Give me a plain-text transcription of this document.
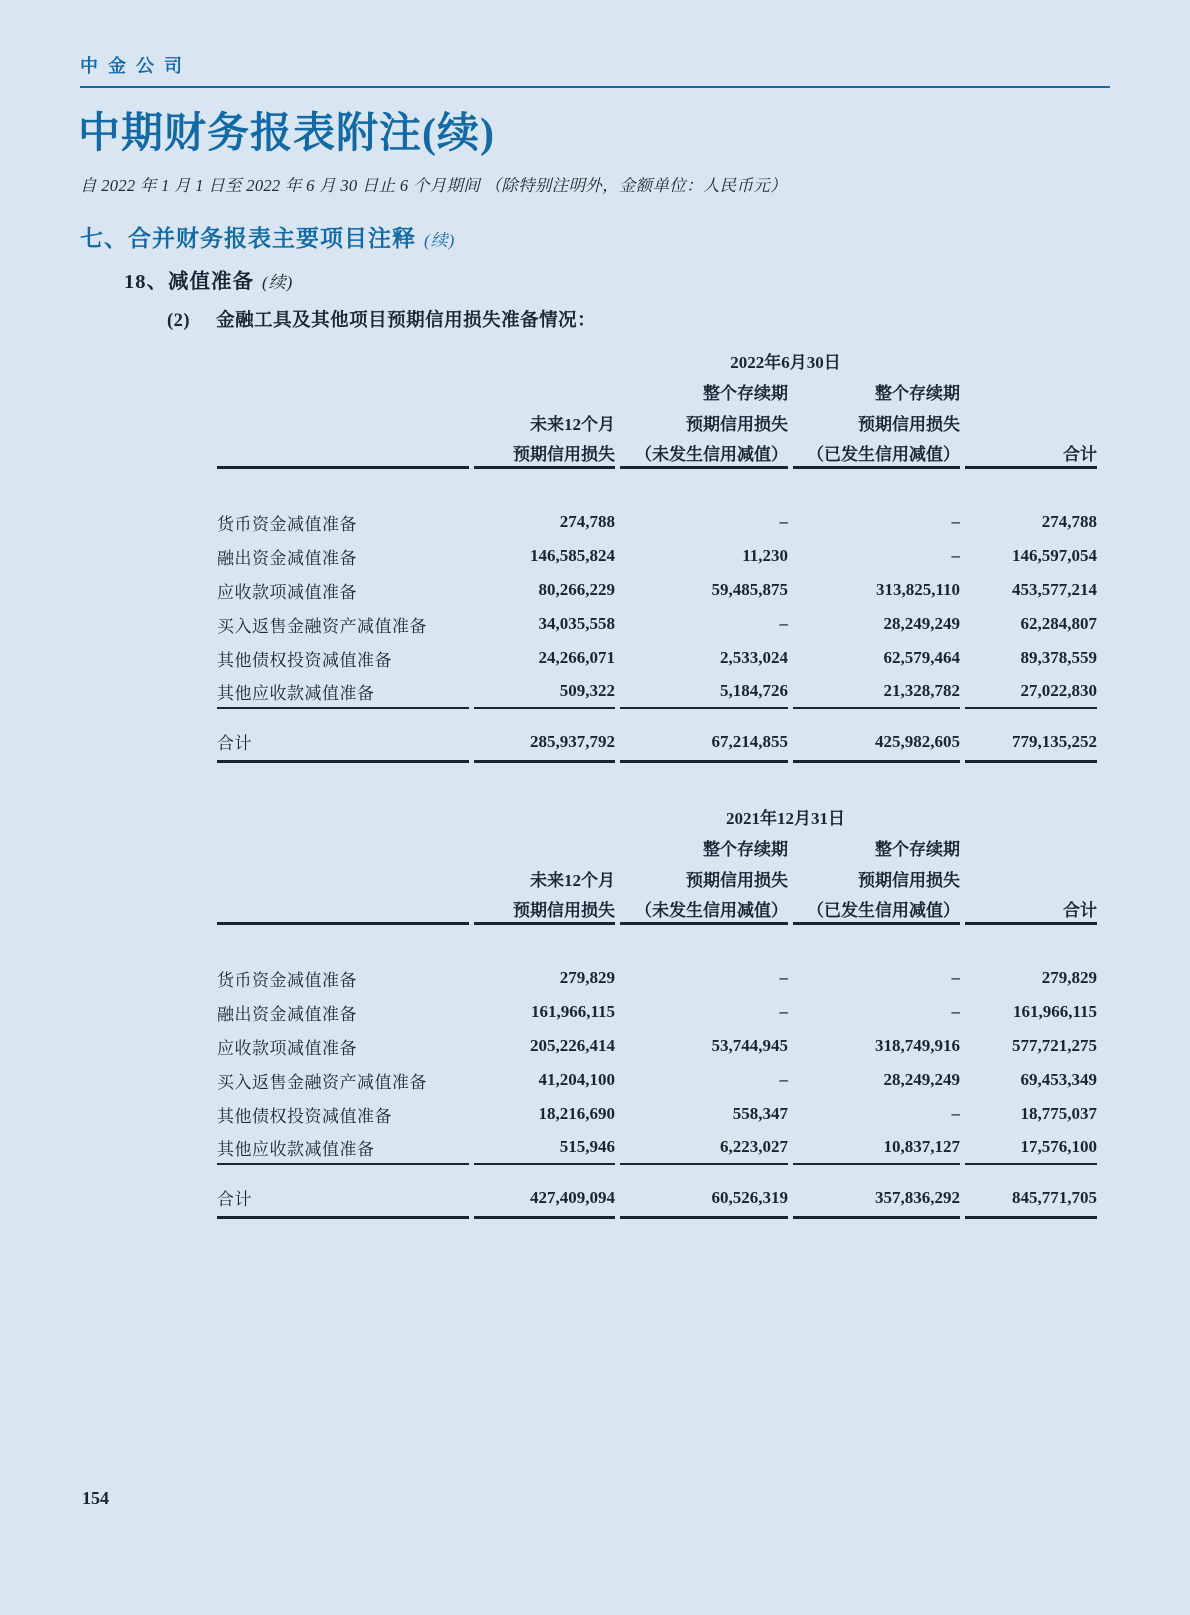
中金公司
中期财务报表附注(续)

自 2022 年 1 月 1 日至 2022 年 6 月 30 日止 6 个月期间 （除特别注明外，金额单位：人民币元）

七、合并财务报表主要项目注释 (续)
18、减值准备 (续)
(2) 金融工具及其他项目预期信用损失准备情况：
	2022年6月30日			
		整个存续期	整个存续期	
	未来12个月	预期信用损失	预期信用损失	
	预期信用损失	（未发生信用减值）	（已发生信用减值）	合计

货币资金减值准备	274,788	–	–	274,788
融出资金减值准备	146,585,824	11,230	–	146,597,054
应收款项减值准备	80,266,229	59,485,875	313,825,110	453,577,214
买入返售金融资产减值准备	34,035,558	–	28,249,249	62,284,807
其他债权投资减值准备	24,266,071	2,533,024	62,579,464	89,378,559
其他应收款减值准备	509,322	5,184,726	21,328,782	27,022,830

合计	285,937,792	67,214,855	425,982,605	779,135,252
	2021年12月31日			
		整个存续期	整个存续期	
	未来12个月	预期信用损失	预期信用损失	
	预期信用损失	（未发生信用减值）	（已发生信用减值）	合计

货币资金减值准备	279,829	–	–	279,829
融出资金减值准备	161,966,115	–	–	161,966,115
应收款项减值准备	205,226,414	53,744,945	318,749,916	577,721,275
买入返售金融资产减值准备	41,204,100	–	28,249,249	69,453,349
其他债权投资减值准备	18,216,690	558,347	–	18,775,037
其他应收款减值准备	515,946	6,223,027	10,837,127	17,576,100

合计	427,409,094	60,526,319	357,836,292	845,771,705
154
